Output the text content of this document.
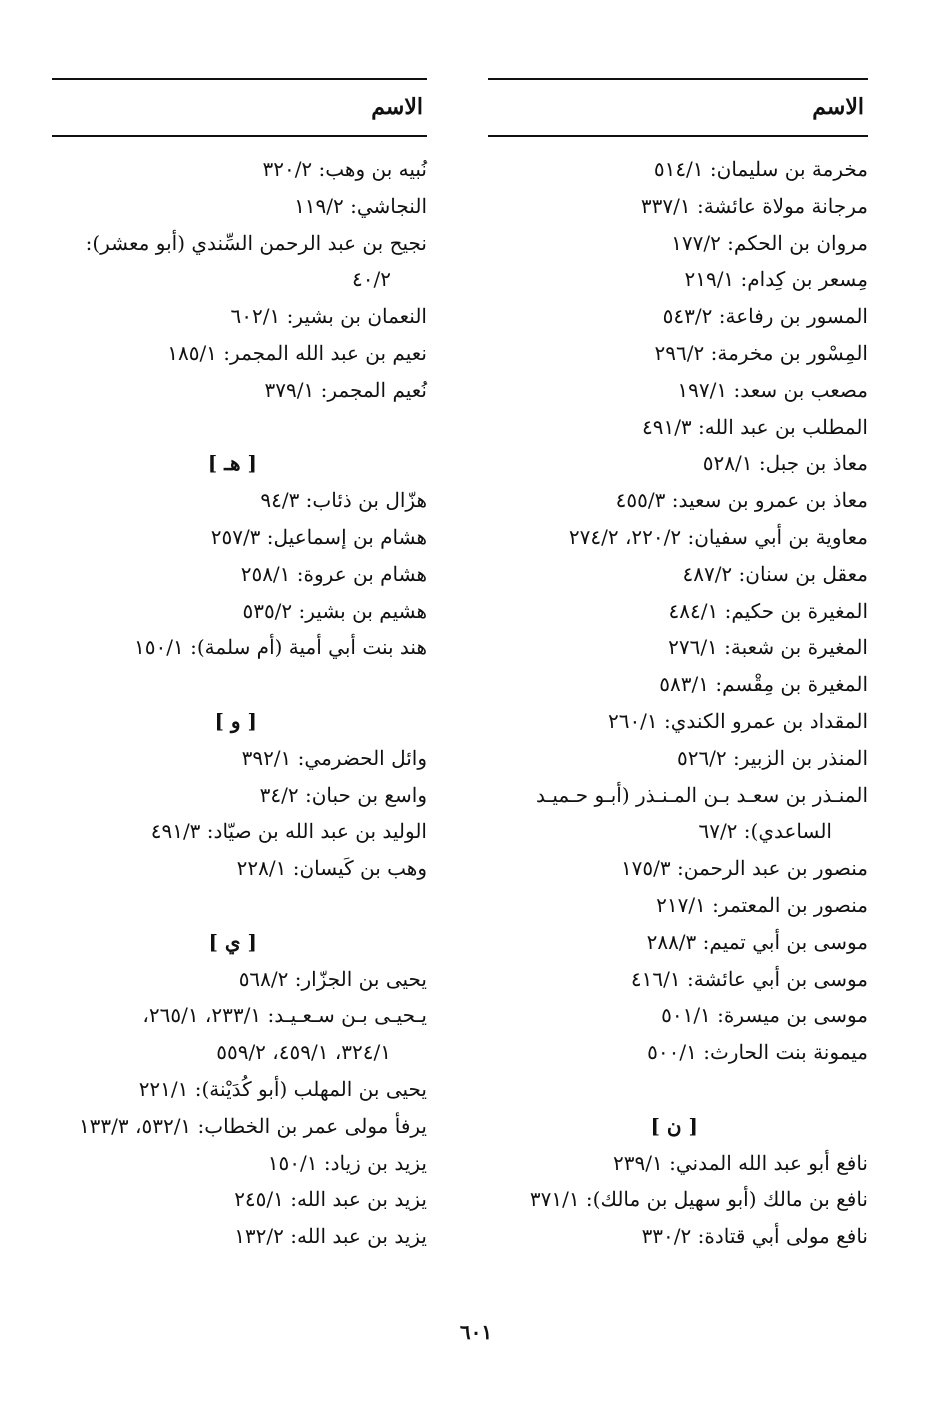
الاسم
مخرمة بن سليمان: ٥١٤/١
مرجانة مولاة عائشة: ٣٣٧/١
مروان بن الحكم: ١٧٧/٢
مِسعر بن كِدام: ٢١٩/١
المسور بن رفاعة: ٥٤٣/٢
المِسْور بن مخرمة: ٢٩٦/٢
مصعب بن سعد: ١٩٧/١
المطلب بن عبد الله: ٤٩١/٣
معاذ بن جبل: ٥٢٨/١
معاذ بن عمرو بن سعيد: ٤٥٥/٣
معاوية بن أبي سفيان: ٢٢٠/٢، ٢٧٤/٢
معقل بن سنان: ٤٨٧/٢
المغيرة بن حكيم: ٤٨٤/١
المغيرة بن شعبة: ٢٧٦/١
المغيرة بن مِقْسم: ٥٨٣/١
المقداد بن عمرو الكندي: ٢٦٠/١
المنذر بن الزبير: ٥٢٦/٢
المنـذر بن سعـد بـن المـنـذر (أبـو حـميـد
الساعدي): ٦٧/٢
منصور بن عبد الرحمن: ١٧٥/٣
منصور بن المعتمر: ٢١٧/١
موسى بن أبي تميم: ٢٨٨/٣
موسى بن أبي عائشة: ٤١٦/١
موسى بن ميسرة: ٥٠١/١
ميمونة بنت الحارث: ٥٠٠/١
[ ن ]
نافع أبو عبد الله المدني: ٢٣٩/١
نافع بن مالك (أبو سهيل بن مالك): ٣٧١/١
نافع مولى أبي قتادة: ٣٣٠/٢
الاسم
نُبيه بن وهب: ٣٢٠/٢
النجاشي: ١١٩/٢
نجيح بن عبد الرحمن السِّندي (أبو معشر):
٤٠/٢
النعمان بن بشير: ٦٠٢/١
نعيم بن عبد الله المجمر: ١٨٥/١
نُعيم المجمر: ٣٧٩/١
[ هـ ]
هزّال بن ذئاب: ٩٤/٣
هشام بن إسماعيل: ٢٥٧/٣
هشام بن عروة: ٢٥٨/١
هشيم بن بشير: ٥٣٥/٢
هند بنت أبي أمية (أم سلمة): ١٥٠/١
[ و ]
وائل الحضرمي: ٣٩٢/١
واسع بن حبان: ٣٤/٢
الوليد بن عبد الله بن صيّاد: ٤٩١/٣
وهب بن كَيسان: ٢٢٨/١
[ ي ]
يحيى بن الجزّار: ٥٦٨/٢
يـحيـى بـن سـعـيـد: ٢٣٣/١، ٢٦٥/١،
٣٢٤/١، ٤٥٩/١، ٥٥٩/٢
يحيى بن المهلب (أبو كُدَيْنة): ٢٢١/١
يرفأ مولى عمر بن الخطاب: ٥٣٢/١، ١٣٣/٣
يزيد بن زياد: ١٥٠/١
يزيد بن عبد الله: ٢٤٥/١
يزيد بن عبد الله: ١٣٢/٢
٦٠١
